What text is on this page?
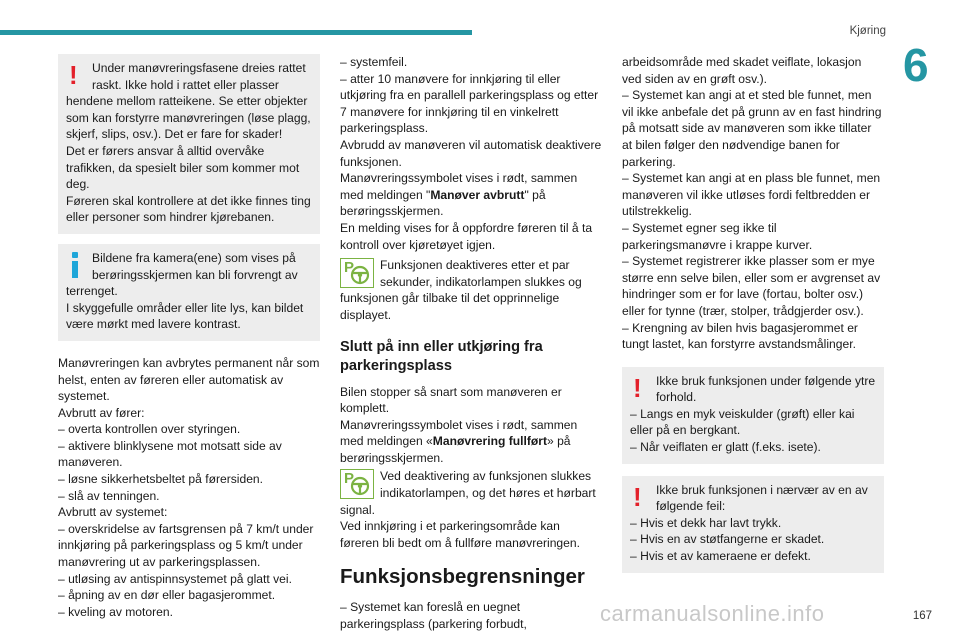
Kjøring
6
! Under manøvreringsfasene dreies rattet raskt. Ikke hold i rattet eller plasser

hendene mellom ratteikene. Se etter objekter som kan forstyrre manøvreringen (løse plagg, skjerf, slips, osv.). Det er fare for skader!
Det er førers ansvar å alltid overvåke trafikken, da spesielt biler som kommer mot deg.
Føreren skal kontrollere at det ikke finnes ting eller personer som hindrer kjørebanen.

Bildene fra kamera(ene) som vises på berøringsskjermen kan bli forvrengt av

terrenget.
I skyggefulle områder eller lite lys, kan bildet være mørkt med lavere kontrast.

Manøvreringen kan avbrytes permanent når som helst, enten av føreren eller automatisk av systemet.
Avbrutt av fører:
– overta kontrollen over styringen.
– aktivere blinklysene mot motsatt side av manøveren.
– løsne sikkerhetsbeltet på førersiden.
– slå av tenningen.
Avbrutt av systemet:
– overskridelse av fartsgrensen på 7 km/t under innkjøring på parkeringsplass og 5 km/t under manøvrering ut av parkeringsplassen.
– utløsing av antispinnsystemet på glatt vei.
– åpning av en dør eller bagasjerommet.
– kveling av motoren.

– systemfeil.
– atter 10 manøvere for innkjøring til eller utkjøring fra en parallell parkeringsplass og etter 7 manøvere for innkjøring til en vinkelrett parkeringsplass.
Avbrudd av manøveren vil automatisk deaktivere funksjonen.
Manøvreringssymbolet vises i rødt, sammen med meldingen "Manøver avbrutt" på berøringsskjermen.
En melding vises for å oppfordre føreren til å ta kontroll over kjøretøyet igjen.

P	Funksjonen deaktiveres etter et par sekunder, indikatorlampen slukkes og funksjonen går tilbake til det opprinnelige displayet.

Slutt på inn eller utkjøring fra parkeringsplass

Bilen stopper så snart som manøveren er komplett.
Manøvreringssymbolet vises i rødt, sammen med meldingen «Manøvrering fullført» på berøringsskjermen.

P	Ved deaktivering av funksjonen slukkes indikatorlampen, og det høres et hørbart signal.

Ved innkjøring i et parkeringsområde kan føreren bli bedt om å fullføre manøvreringen.

Funksjonsbegrensninger

– Systemet kan foreslå en uegnet parkeringsplass (parkering forbudt,

arbeidsområde med skadet veiflate, lokasjon ved siden av en grøft osv.).
– Systemet kan angi at et sted ble funnet, men vil ikke anbefale det på grunn av en fast hindring på motsatt side av manøveren som ikke tillater at bilen følger den nødvendige banen for parkering.
– Systemet kan angi at en plass ble funnet, men manøveren vil ikke utløses fordi feltbredden er utilstrekkelig.
– Systemet egner seg ikke til parkeringsmanøvre i krappe kurver.
– Systemet registrerer ikke plasser som er mye større enn selve bilen, eller som er avgrenset av hindringer som er for lave (fortau, bolter osv.) eller for tynne (trær, stolper, trådgjerder osv.).
– Krengning av bilen hvis bagasjerommet er tungt lastet, kan forstyrre avstandsmålinger.

! Ikke bruk funksjonen under følgende ytre forhold.

– Langs en myk veiskulder (grøft) eller kai eller på en bergkant.
– Når veiflaten er glatt (f.eks. isete).

! Ikke bruk funksjonen i nærvær av en av følgende feil:

– Hvis et dekk har lavt trykk.
– Hvis en av støtfangerne er skadet.
– Hvis et av kameraene er defekt.

carmanualsonline.info	167
